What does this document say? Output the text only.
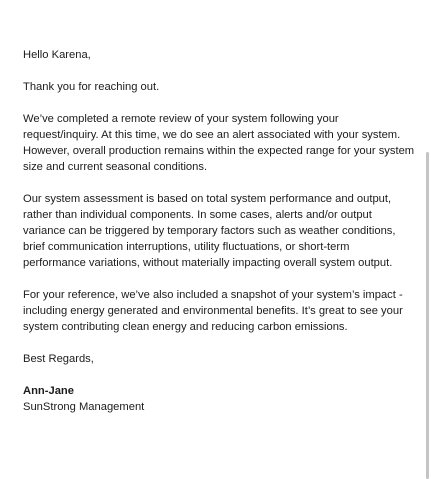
Hello Karena,

Thank you for reaching out.

We’ve completed a remote review of your system following your request/inquiry. At this time, we do see an alert associated with your system. However, overall production remains within the expected range for your system size and current seasonal conditions.

Our system assessment is based on total system performance and output, rather than individual components. In some cases, alerts and/or output variance can be triggered by temporary factors such as weather conditions, brief communication interruptions, utility fluctuations, or short-term performance variations, without materially impacting overall system output.

For your reference, we’ve also included a snapshot of your system’s impact - including energy generated and environmental benefits. It’s great to see your system contributing clean energy and reducing carbon emissions.

Best Regards,

Ann-Jane

SunStrong Management
